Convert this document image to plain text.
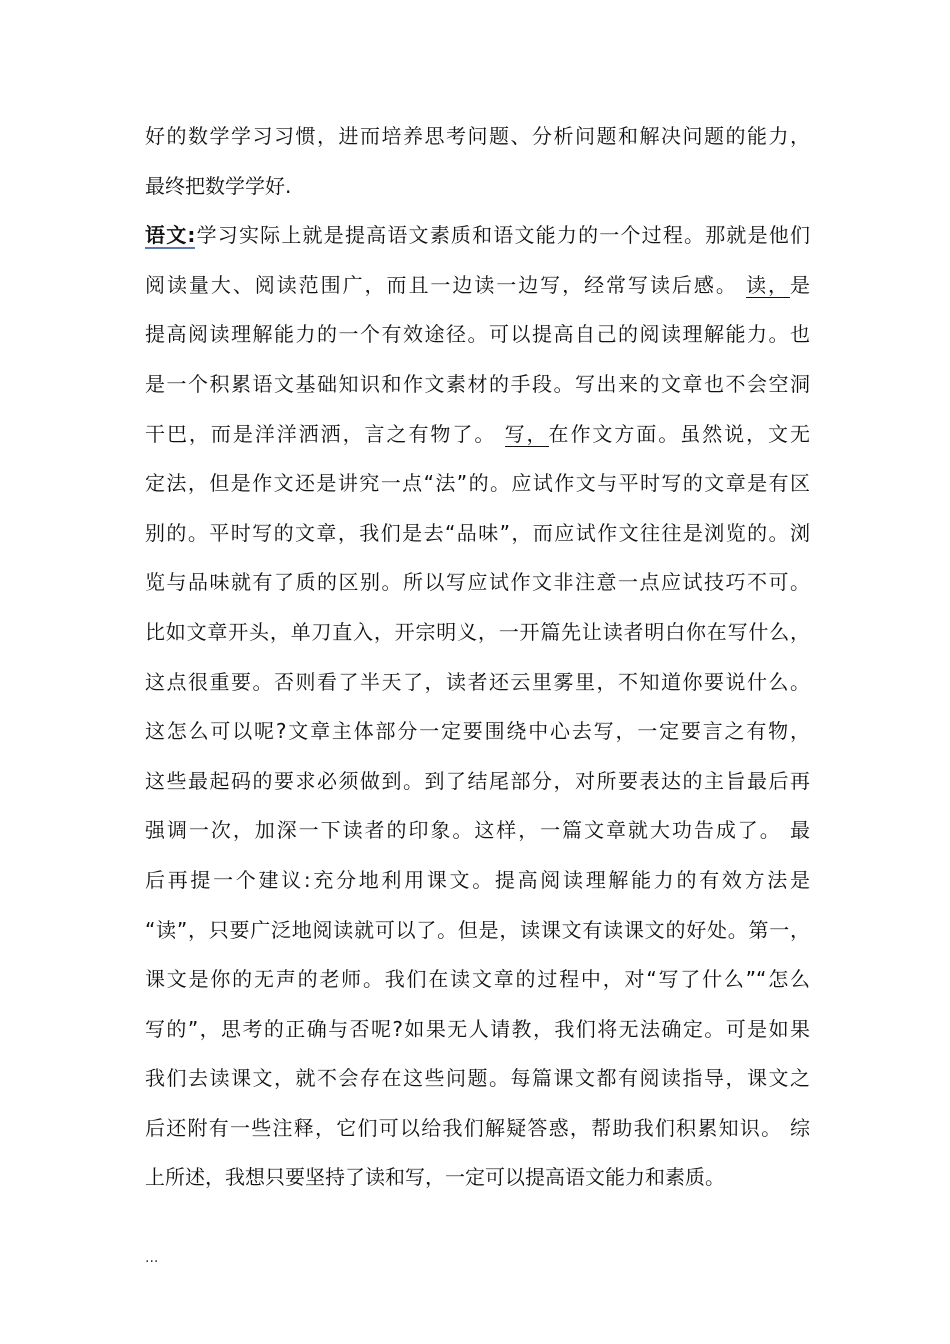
好的数学学习习惯，进而培养思考问题、分析问题和解决问题的能力，
最终把数学学好.
语文:学习实际上就是提高语文素质和语文能力的一个过程。那就是他们
阅读量大、阅读范围广，而且一边读一边写，经常写读后感。 读，是
提高阅读理解能力的一个有效途径。可以提高自己的阅读理解能力。也
是一个积累语文基础知识和作文素材的手段。写出来的文章也不会空洞
干巴，而是洋洋洒洒，言之有物了。 写，在作文方面。虽然说，文无
定法，但是作文还是讲究一点“法”的。应试作文与平时写的文章是有区
别的。平时写的文章，我们是去“品味”，而应试作文往往是浏览的。浏
览与品味就有了质的区别。所以写应试作文非注意一点应试技巧不可。
比如文章开头，单刀直入，开宗明义，一开篇先让读者明白你在写什么，
这点很重要。否则看了半天了，读者还云里雾里，不知道你要说什么。
这怎么可以呢?文章主体部分一定要围绕中心去写，一定要言之有物，
这些最起码的要求必须做到。到了结尾部分，对所要表达的主旨最后再
强调一次，加深一下读者的印象。这样，一篇文章就大功告成了。 最
后再提一个建议:充分地利用课文。提高阅读理解能力的有效方法是
“读”，只要广泛地阅读就可以了。但是，读课文有读课文的好处。第一，
课文是你的无声的老师。我们在读文章的过程中，对“写了什么”“怎么
写的”，思考的正确与否呢?如果无人请教，我们将无法确定。可是如果
我们去读课文，就不会存在这些问题。每篇课文都有阅读指导，课文之
后还附有一些注释，它们可以给我们解疑答惑，帮助我们积累知识。 综
上所述，我想只要坚持了读和写，一定可以提高语文能力和素质。
...
